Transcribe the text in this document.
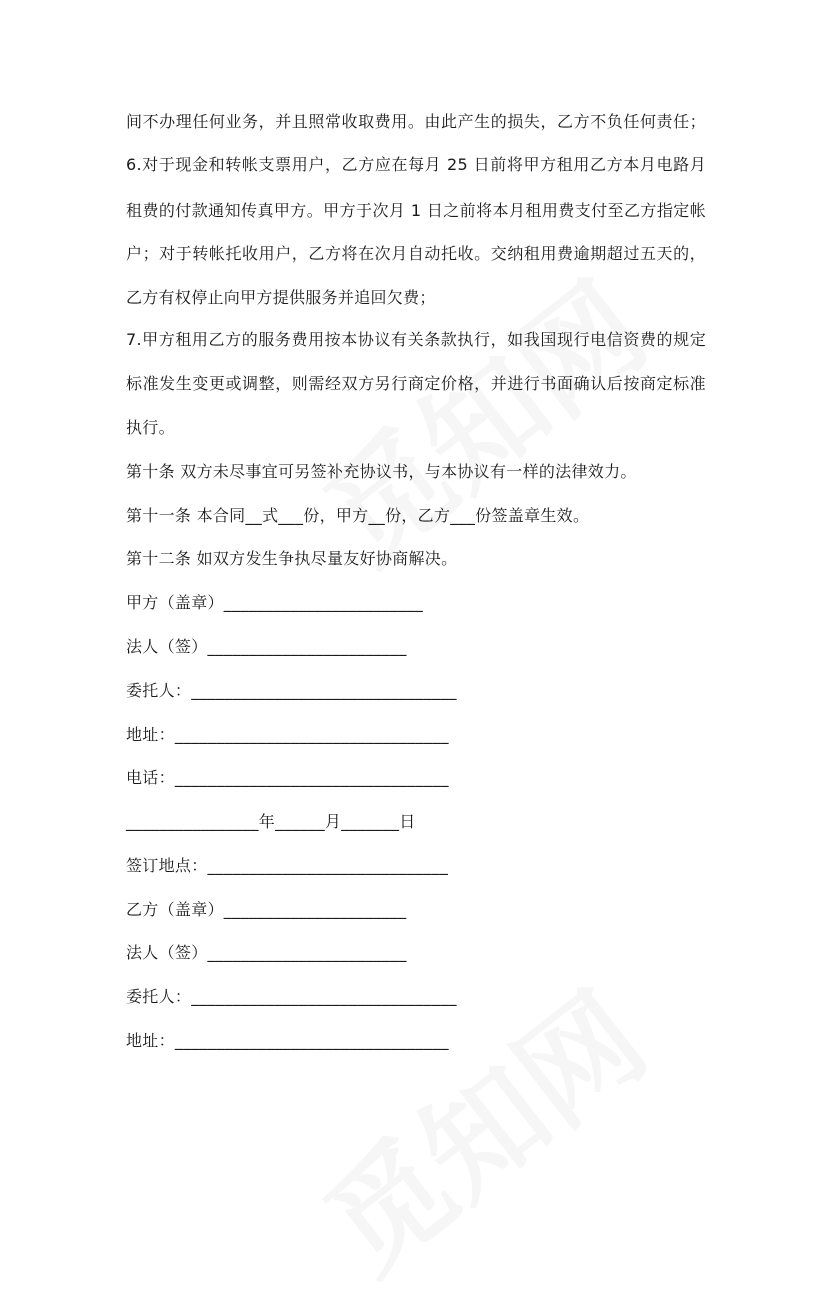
间不办理任何业务，并且照常收取费用。由此产生的损失，乙方不负任何责任；
6.对于现金和转帐支票用户，乙方应在每月 25 日前将甲方租用乙方本月电路月
租费的付款通知传真甲方。甲方于次月 1 日之前将本月租用费支付至乙方指定帐
户；对于转帐托收用户，乙方将在次月自动托收。交纳租用费逾期超过五天的，
乙方有权停止向甲方提供服务并追回欠费；
7.甲方租用乙方的服务费用按本协议有关条款执行，如我国现行电信资费的规定
标准发生变更或调整，则需经双方另行商定价格，并进行书面确认后按商定标准
执行。
第十条 双方未尽事宜可另签补充协议书，与本协议有一样的法律效力。
第十一条 本合同__式___份，甲方__份，乙方___份签盖章生效。
第十二条 如双方发生争执尽量友好协商解决。
甲方（盖章）________________________
法人（签）________________________
委托人：________________________________
地址：_________________________________
电话：_________________________________
________________年______月_______日
签订地点：_____________________________
乙方（盖章）______________________
法人（签）________________________
委托人：________________________________
地址：_________________________________
